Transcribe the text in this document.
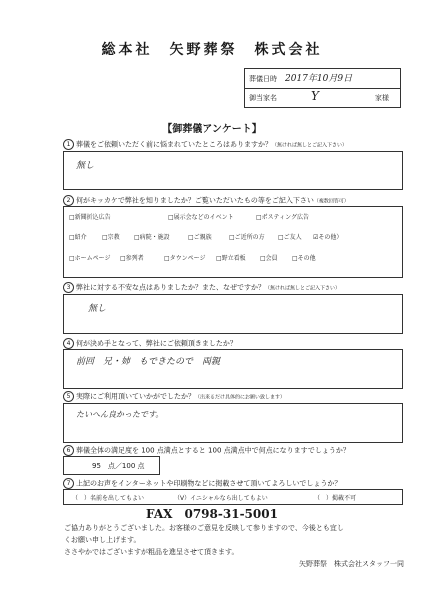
総本社　矢野葬祭　株式会社
葬儀日時 2017年10月9日
御当家名	Y	家様
【御葬儀アンケート】
1 葬儀をご依頼いただく前に悩まれていたところはありますか？（無ければ無しとご記入下さい）
無し
2 何がキッカケで弊社を知りましたか？ご覧いただいたもの等をご記入下さい（複数回答可）
□新聞折込広告	□展示会などのイベント	□ポスティング広告
□紹介	□宗教 □病院・施設	□ご親族	□ご近所の方 □ご友人 ☑その他）
□ホームページ □参列者	□タウンページ □野立看板 □会員 □その他
3 弊社に対する不安な点はありましたか？また、なぜですか？（無ければ無しとご記入下さい）
無し
4 何が決め手となって、弊社にご依頼頂きましたか？
前回　兄・姉　もできたので　両親
5 実際にご利用頂いていかがでしたか？（出来るだけ具体的にお願い致します）
たいへん良かったです。
6 葬儀全体の満足度を 100 点満点とすると 100 点満点中で何点になりますでしょうか？
95　点／100 点
7 上記のお声をインターネットや印刷物などに掲載させて頂いてよろしいでしょうか？
FAX　0798-31-5001
ご協力ありがとうございました。お客様のご意見を反映して参りますので、今後とも宜し
くお願い申し上げます。
ささやかではございますが粗品を進呈させて頂きます。
矢野葬祭　株式会社スタッフ一同
（　）名前を出してもよい	（V）イニシャルなら出してもよい	（　）掲載不可
